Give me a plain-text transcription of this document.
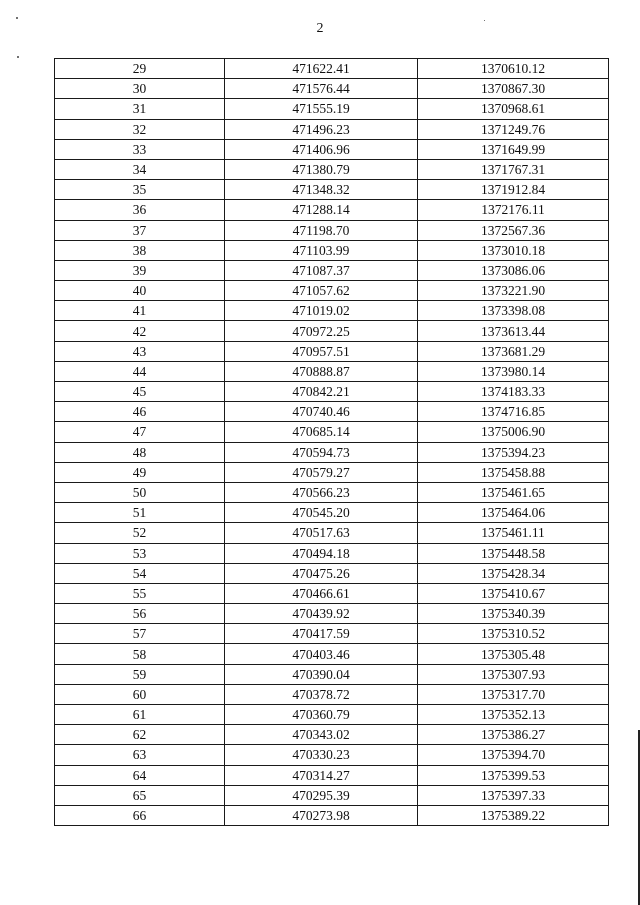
2
29	471622.41	1370610.12
30	471576.44	1370867.30
31	471555.19	1370968.61
32	471496.23	1371249.76
33	471406.96	1371649.99
34	471380.79	1371767.31
35	471348.32	1371912.84
36	471288.14	1372176.11
37	471198.70	1372567.36
38	471103.99	1373010.18
39	471087.37	1373086.06
40	471057.62	1373221.90
41	471019.02	1373398.08
42	470972.25	1373613.44
43	470957.51	1373681.29
44	470888.87	1373980.14
45	470842.21	1374183.33
46	470740.46	1374716.85
47	470685.14	1375006.90
48	470594.73	1375394.23
49	470579.27	1375458.88
50	470566.23	1375461.65
51	470545.20	1375464.06
52	470517.63	1375461.11
53	470494.18	1375448.58
54	470475.26	1375428.34
55	470466.61	1375410.67
56	470439.92	1375340.39
57	470417.59	1375310.52
58	470403.46	1375305.48
59	470390.04	1375307.93
60	470378.72	1375317.70
61	470360.79	1375352.13
62	470343.02	1375386.27
63	470330.23	1375394.70
64	470314.27	1375399.53
65	470295.39	1375397.33
66	470273.98	1375389.22
